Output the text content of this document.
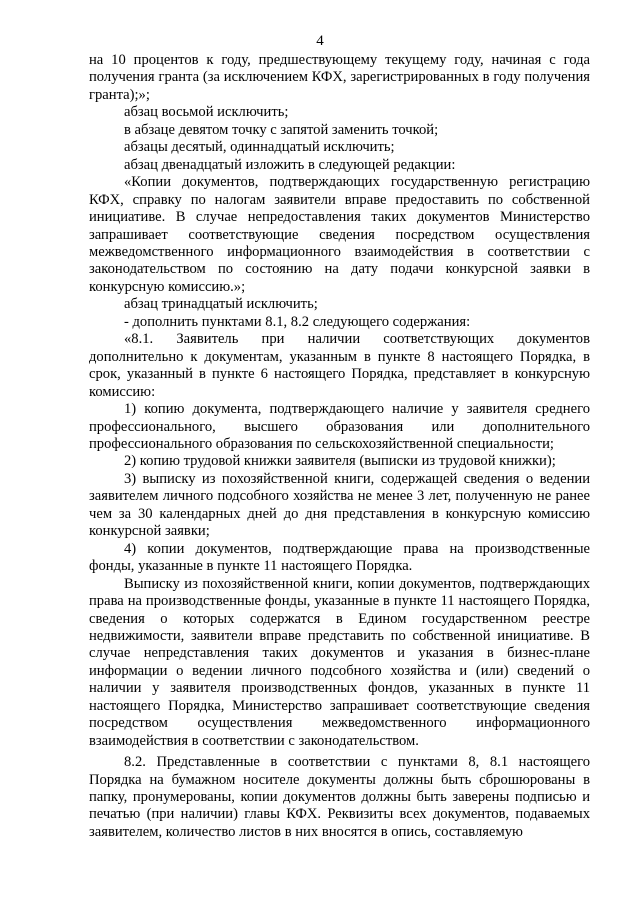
4

на 10 процентов к году, предшествующему текущему году, начиная с года получения гранта (за исключением КФХ, зарегистрированных в году получения гранта);»;

абзац восьмой исключить;

в абзаце девятом точку с запятой заменить точкой;

абзацы десятый, одиннадцатый исключить;

абзац двенадцатый изложить в следующей редакции:

«Копии документов, подтверждающих государственную регистрацию КФХ, справку по налогам заявители вправе предоставить по собственной инициативе. В случае непредоставления таких документов Министерство запрашивает соответствующие сведения посредством осуществления межведомственного информационного взаимодействия в соответствии с законодательством по состоянию на дату подачи конкурсной заявки в конкурсную комиссию.»;

абзац тринадцатый исключить;

- дополнить пунктами 8.1, 8.2 следующего содержания:

«8.1. Заявитель при наличии соответствующих документов дополнительно к документам, указанным в пункте 8 настоящего Порядка, в срок, указанный в пункте 6 настоящего Порядка, представляет в конкурсную комиссию:

1) копию документа, подтверждающего наличие у заявителя среднего профессионального, высшего образования или дополнительного профессионального образования по сельскохозяйственной специальности;

2) копию трудовой книжки заявителя (выписки из трудовой книжки);

3) выписку из похозяйственной книги, содержащей сведения о ведении заявителем личного подсобного хозяйства не менее 3 лет, полученную не ранее чем за 30 календарных дней до дня представления в конкурсную комиссию конкурсной заявки;

4) копии документов, подтверждающие права на производственные фонды, указанные в пункте 11 настоящего Порядка.

Выписку из похозяйственной книги, копии документов, подтверждающих права на производственные фонды, указанные в пункте 11 настоящего Порядка, сведения о которых содержатся в Едином государственном реестре недвижимости, заявители вправе представить по собственной инициативе. В случае непредставления таких документов и указания в бизнес-плане информации о ведении личного подсобного хозяйства и (или) сведений о наличии у заявителя производственных фондов, указанных в пункте 11 настоящего Порядка, Министерство запрашивает соответствующие сведения посредством осуществления межведомственного информационного взаимодействия в соответствии с законодательством.

8.2. Представленные в соответствии с пунктами 8, 8.1 настоящего Порядка на бумажном носителе документы должны быть сброшюрованы в папку, пронумерованы, копии документов должны быть заверены подписью и печатью (при наличии) главы КФХ. Реквизиты всех документов, подаваемых заявителем, количество листов в них вносятся в опись, составляемую
